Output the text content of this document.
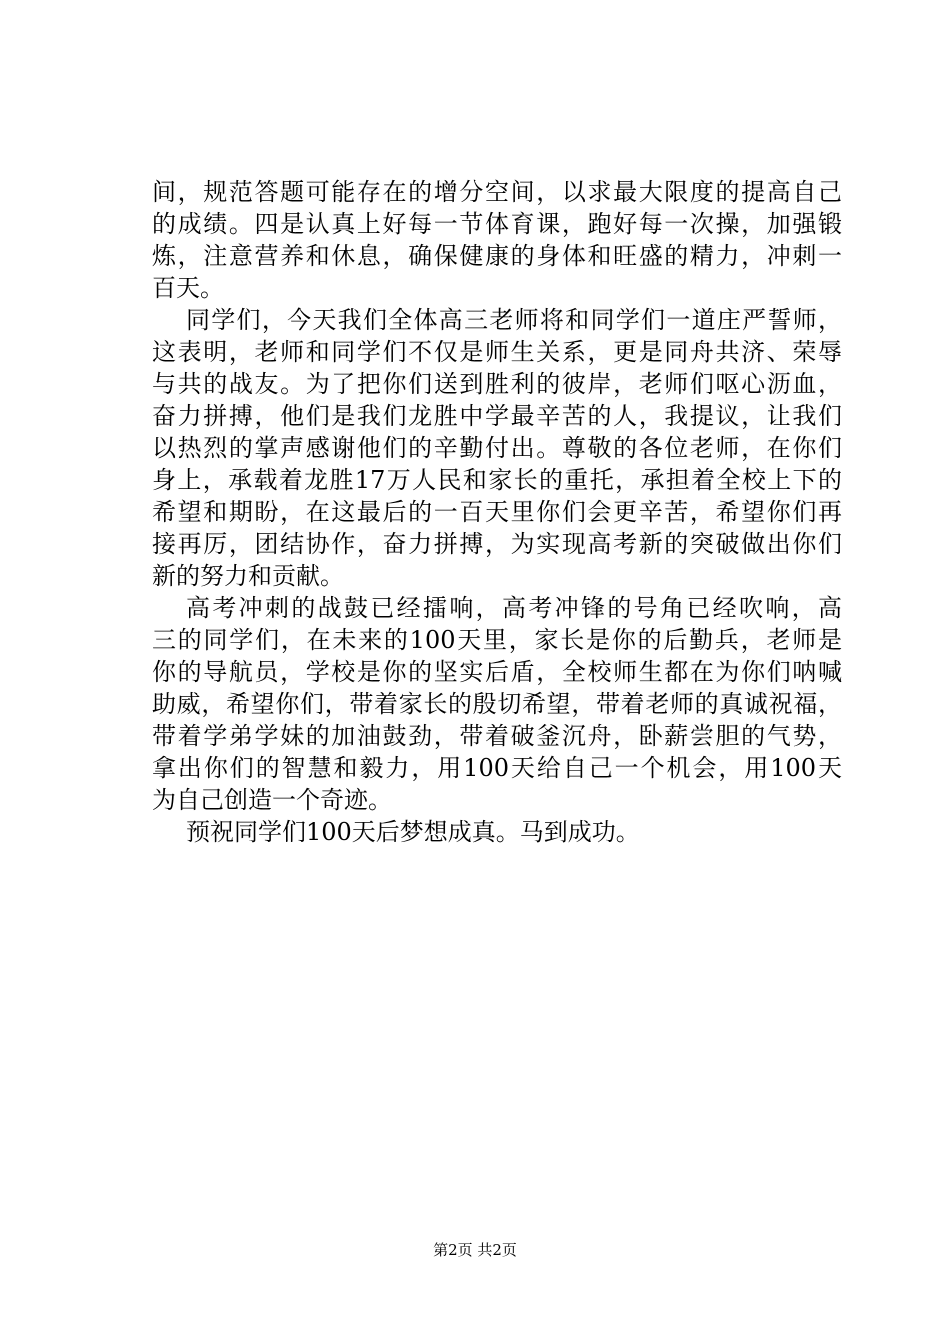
间，规范答题可能存在的增分空间，以求最大限度的提高自己
的成绩。四是认真上好每一节体育课，跑好每一次操，加强锻
炼，注意营养和休息，确保健康的身体和旺盛的精力，冲刺一
百天。
同学们，今天我们全体高三老师将和同学们一道庄严誓师，
这表明，老师和同学们不仅是师生关系，更是同舟共济、荣辱
与共的战友。为了把你们送到胜利的彼岸，老师们呕心沥血，
奋力拼搏，他们是我们龙胜中学最辛苦的人，我提议，让我们
以热烈的掌声感谢他们的辛勤付出。尊敬的各位老师，在你们
身上，承载着龙胜17万人民和家长的重托，承担着全校上下的
希望和期盼，在这最后的一百天里你们会更辛苦，希望你们再
接再厉，团结协作，奋力拼搏，为实现高考新的突破做出你们
新的努力和贡献。
高考冲刺的战鼓已经擂响，高考冲锋的号角已经吹响，高
三的同学们，在未来的100天里，家长是你的后勤兵，老师是
你的导航员，学校是你的坚实后盾，全校师生都在为你们呐喊
助威，希望你们，带着家长的殷切希望，带着老师的真诚祝福，
带着学弟学妹的加油鼓劲，带着破釜沉舟，卧薪尝胆的气势，
拿出你们的智慧和毅力，用100天给自己一个机会，用100天
为自己创造一个奇迹。
预祝同学们100天后梦想成真。马到成功。
第2页 共2页
